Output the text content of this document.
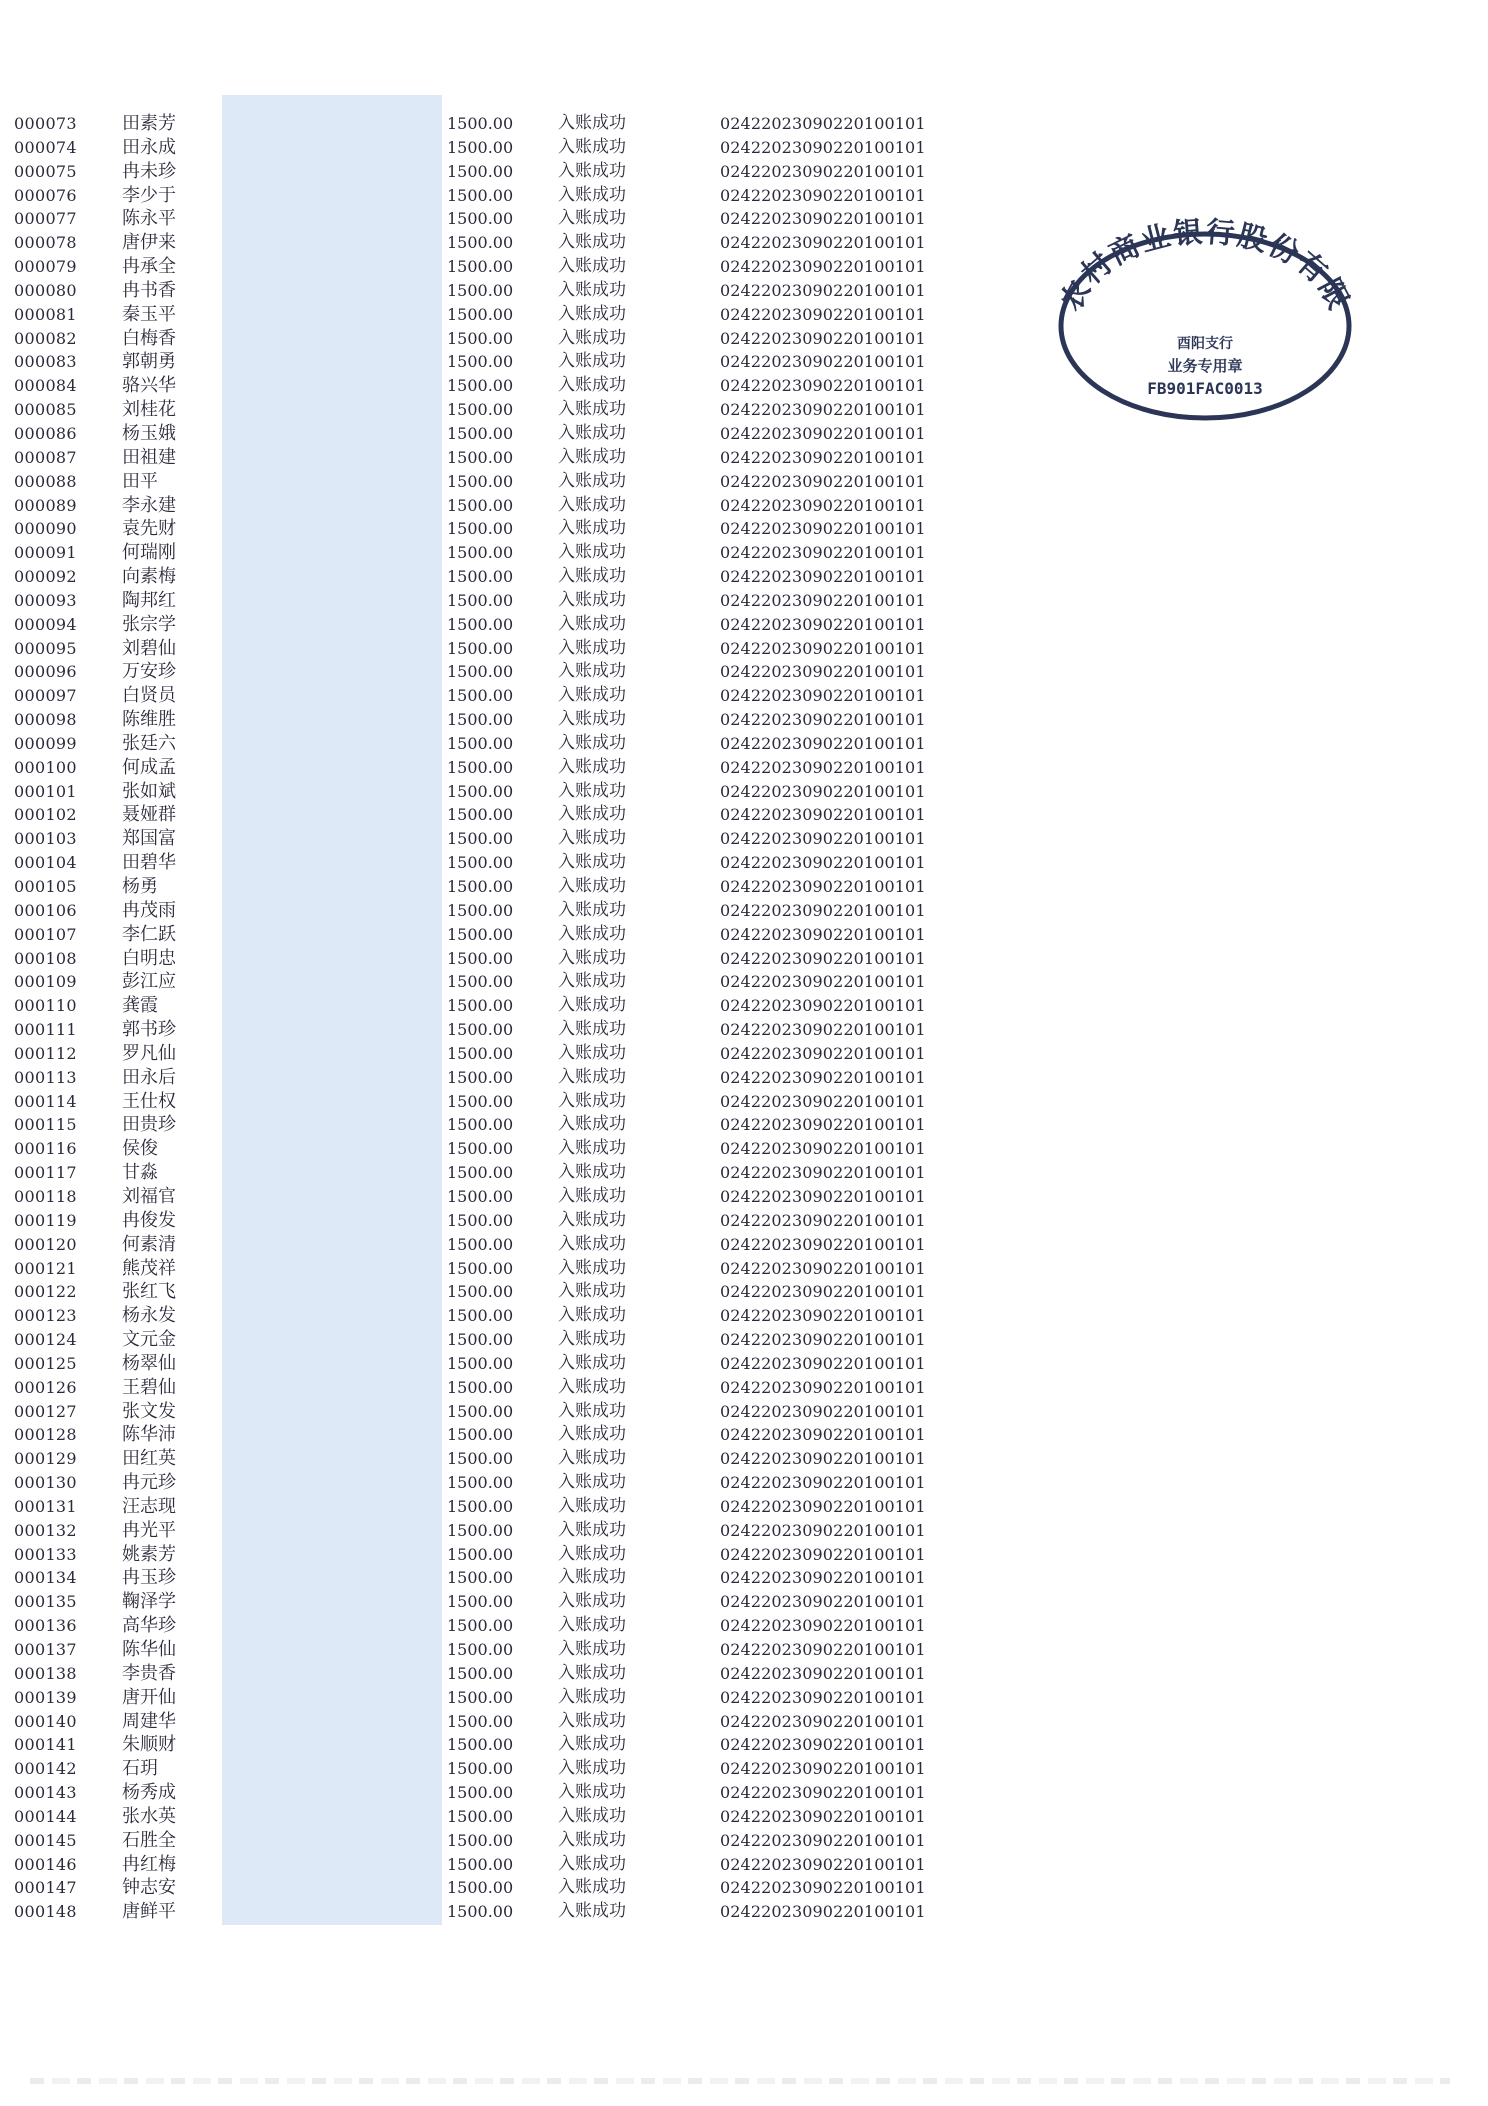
000073	田素芳	1500.00	入账成功	02422023090220100101
000074	田永成	1500.00	入账成功	02422023090220100101
000075	冉未珍	1500.00	入账成功	02422023090220100101
000076	李少于	1500.00	入账成功	02422023090220100101
000077	陈永平	1500.00	入账成功	02422023090220100101
000078	唐伊来	1500.00	入账成功	02422023090220100101
000079	冉承全	1500.00	入账成功	02422023090220100101
000080	冉书香	1500.00	入账成功	02422023090220100101
000081	秦玉平	1500.00	入账成功	02422023090220100101
000082	白梅香	1500.00	入账成功	02422023090220100101
000083	郭朝勇	1500.00	入账成功	02422023090220100101
000084	骆兴华	1500.00	入账成功	02422023090220100101
000085	刘桂花	1500.00	入账成功	02422023090220100101
000086	杨玉娥	1500.00	入账成功	02422023090220100101
000087	田祖建	1500.00	入账成功	02422023090220100101
000088	田平	1500.00	入账成功	02422023090220100101
000089	李永建	1500.00	入账成功	02422023090220100101
000090	袁先财	1500.00	入账成功	02422023090220100101
000091	何瑞刚	1500.00	入账成功	02422023090220100101
000092	向素梅	1500.00	入账成功	02422023090220100101
000093	陶邦红	1500.00	入账成功	02422023090220100101
000094	张宗学	1500.00	入账成功	02422023090220100101
000095	刘碧仙	1500.00	入账成功	02422023090220100101
000096	万安珍	1500.00	入账成功	02422023090220100101
000097	白贤员	1500.00	入账成功	02422023090220100101
000098	陈维胜	1500.00	入账成功	02422023090220100101
000099	张廷六	1500.00	入账成功	02422023090220100101
000100	何成孟	1500.00	入账成功	02422023090220100101
000101	张如斌	1500.00	入账成功	02422023090220100101
000102	聂娅群	1500.00	入账成功	02422023090220100101
000103	郑国富	1500.00	入账成功	02422023090220100101
000104	田碧华	1500.00	入账成功	02422023090220100101
000105	杨勇	1500.00	入账成功	02422023090220100101
000106	冉茂雨	1500.00	入账成功	02422023090220100101
000107	李仁跃	1500.00	入账成功	02422023090220100101
000108	白明忠	1500.00	入账成功	02422023090220100101
000109	彭江应	1500.00	入账成功	02422023090220100101
000110	龚霞	1500.00	入账成功	02422023090220100101
000111	郭书珍	1500.00	入账成功	02422023090220100101
000112	罗凡仙	1500.00	入账成功	02422023090220100101
000113	田永后	1500.00	入账成功	02422023090220100101
000114	王仕权	1500.00	入账成功	02422023090220100101
000115	田贵珍	1500.00	入账成功	02422023090220100101
000116	侯俊	1500.00	入账成功	02422023090220100101
000117	甘淼	1500.00	入账成功	02422023090220100101
000118	刘福官	1500.00	入账成功	02422023090220100101
000119	冉俊发	1500.00	入账成功	02422023090220100101
000120	何素清	1500.00	入账成功	02422023090220100101
000121	熊茂祥	1500.00	入账成功	02422023090220100101
000122	张红飞	1500.00	入账成功	02422023090220100101
000123	杨永发	1500.00	入账成功	02422023090220100101
000124	文元金	1500.00	入账成功	02422023090220100101
000125	杨翠仙	1500.00	入账成功	02422023090220100101
000126	王碧仙	1500.00	入账成功	02422023090220100101
000127	张文发	1500.00	入账成功	02422023090220100101
000128	陈华沛	1500.00	入账成功	02422023090220100101
000129	田红英	1500.00	入账成功	02422023090220100101
000130	冉元珍	1500.00	入账成功	02422023090220100101
000131	汪志现	1500.00	入账成功	02422023090220100101
000132	冉光平	1500.00	入账成功	02422023090220100101
000133	姚素芳	1500.00	入账成功	02422023090220100101
000134	冉玉珍	1500.00	入账成功	02422023090220100101
000135	鞠泽学	1500.00	入账成功	02422023090220100101
000136	高华珍	1500.00	入账成功	02422023090220100101
000137	陈华仙	1500.00	入账成功	02422023090220100101
000138	李贵香	1500.00	入账成功	02422023090220100101
000139	唐开仙	1500.00	入账成功	02422023090220100101
000140	周建华	1500.00	入账成功	02422023090220100101
000141	朱顺财	1500.00	入账成功	02422023090220100101
000142	石玥	1500.00	入账成功	02422023090220100101
000143	杨秀成	1500.00	入账成功	02422023090220100101
000144	张水英	1500.00	入账成功	02422023090220100101
000145	石胜全	1500.00	入账成功	02422023090220100101
000146	冉红梅	1500.00	入账成功	02422023090220100101
000147	钟志安	1500.00	入账成功	02422023090220100101
000148	唐鲜平	1500.00	入账成功	02422023090220100101
重庆农村商业银行股份有限公司
酉阳支行
业务专用章
FB901FAC0013
